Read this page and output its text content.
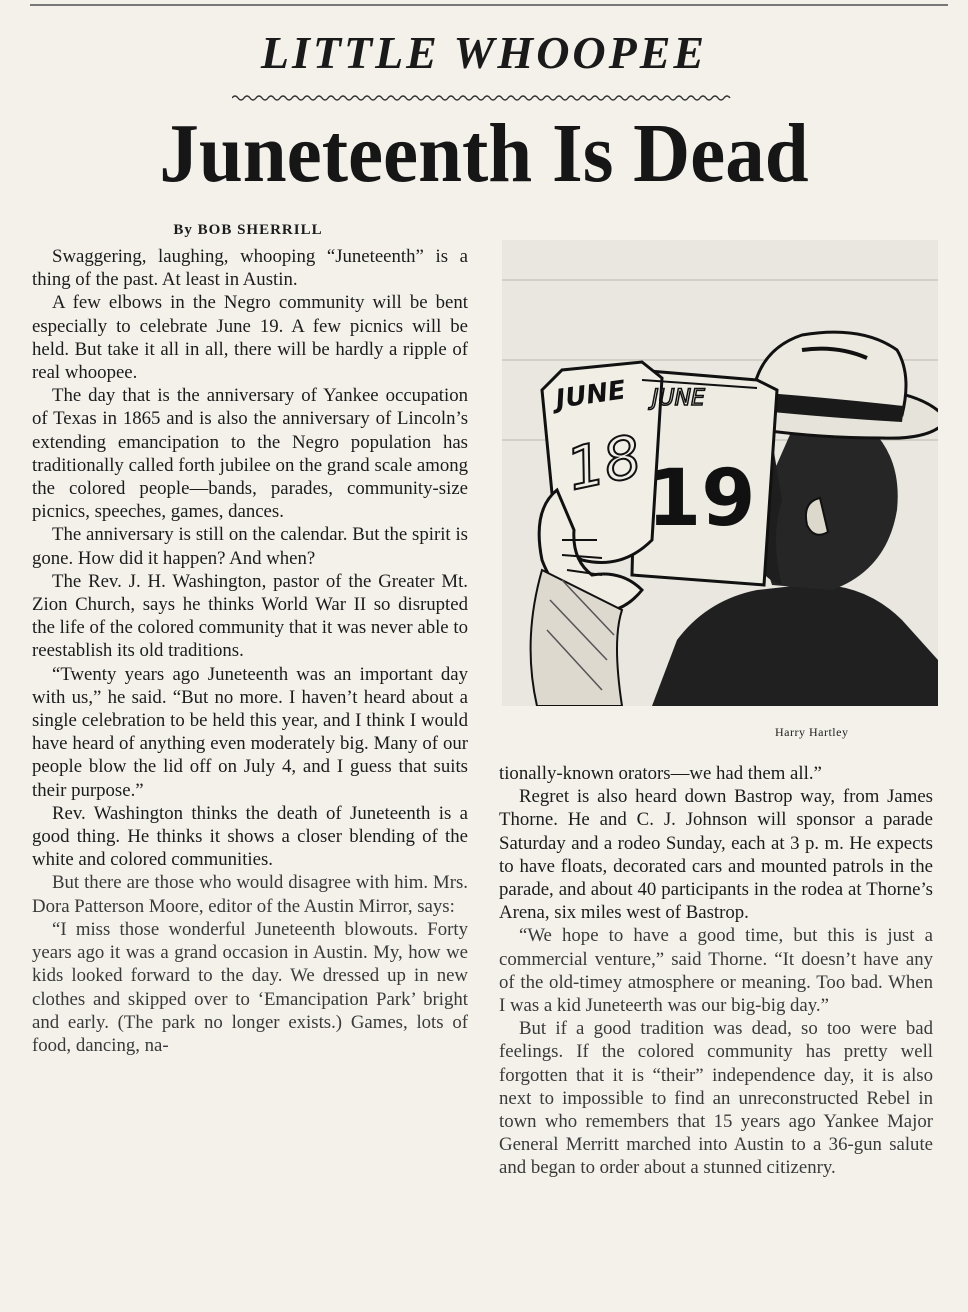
LITTLE WHOOPEE
Juneteenth Is Dead
By BOB SHERRILL

Swaggering, laughing, whooping “Juneteenth” is a thing of the past. At least in Austin.

A few elbows in the Negro community will be bent especially to celebrate June 19. A few picnics will be held. But take it all in all, there will be hardly a ripple of real whoopee.

The day that is the anniversary of Yankee occupation of Texas in 1865 and is also the anniversary of Lincoln’s extending emancipation to the Negro population has traditionally called forth jubilee on the grand scale among the colored people—bands, parades, community-size picnics, speeches, games, dances.

The anniversary is still on the calendar. But the spirit is gone. How did it happen? And when?

The Rev. J. H. Washington, pastor of the Greater Mt. Zion Church, says he thinks World War II so disrupted the life of the colored community that it was never able to reestablish its old traditions.

“Twenty years ago Juneteenth was an important day with us,” he said. “But no more. I haven’t heard about a single celebration to be held this year, and I think I would have heard of anything even moderately big. Many of our people blow the lid off on July 4, and I guess that suits their purpose.”

Rev. Washington thinks the death of Juneteenth is a good thing. He thinks it shows a closer blending of the white and colored communities.

But there are those who would disagree with him. Mrs. Dora Patterson Moore, editor of the Austin Mirror, says:

“I miss those wonderful Juneteenth blowouts. Forty years ago it was a grand occasion in Austin. My, how we kids looked forward to the day. We dressed up in new clothes and skipped over to ‘Emancipation Park’ bright and early. (The park no longer exists.) Games, lots of food, dancing, na-

JUNE
18
JUNE
19
Harry Hartley

tionally-known orators—we had them all.”

Regret is also heard down Bastrop way, from James Thorne. He and C. J. Johnson will sponsor a parade Saturday and a rodeo Sunday, each at 3 p. m. He expects to have floats, decorated cars and mounted patrols in the parade, and about 40 participants in the rodea at Thorne’s Arena, six miles west of Bastrop.

“We hope to have a good time, but this is just a commercial venture,” said Thorne. “It doesn’t have any of the old-timey atmosphere or meaning. Too bad. When I was a kid Juneteerth was our big-big day.”

But if a good tradition was dead, so too were bad feelings. If the colored community has pretty well forgotten that it is “their” independence day, it is also next to impossible to find an unreconstructed Rebel in town who remembers that 15 years ago Yankee Major General Merritt marched into Austin to a 36-gun salute and began to order about a stunned citizenry.
